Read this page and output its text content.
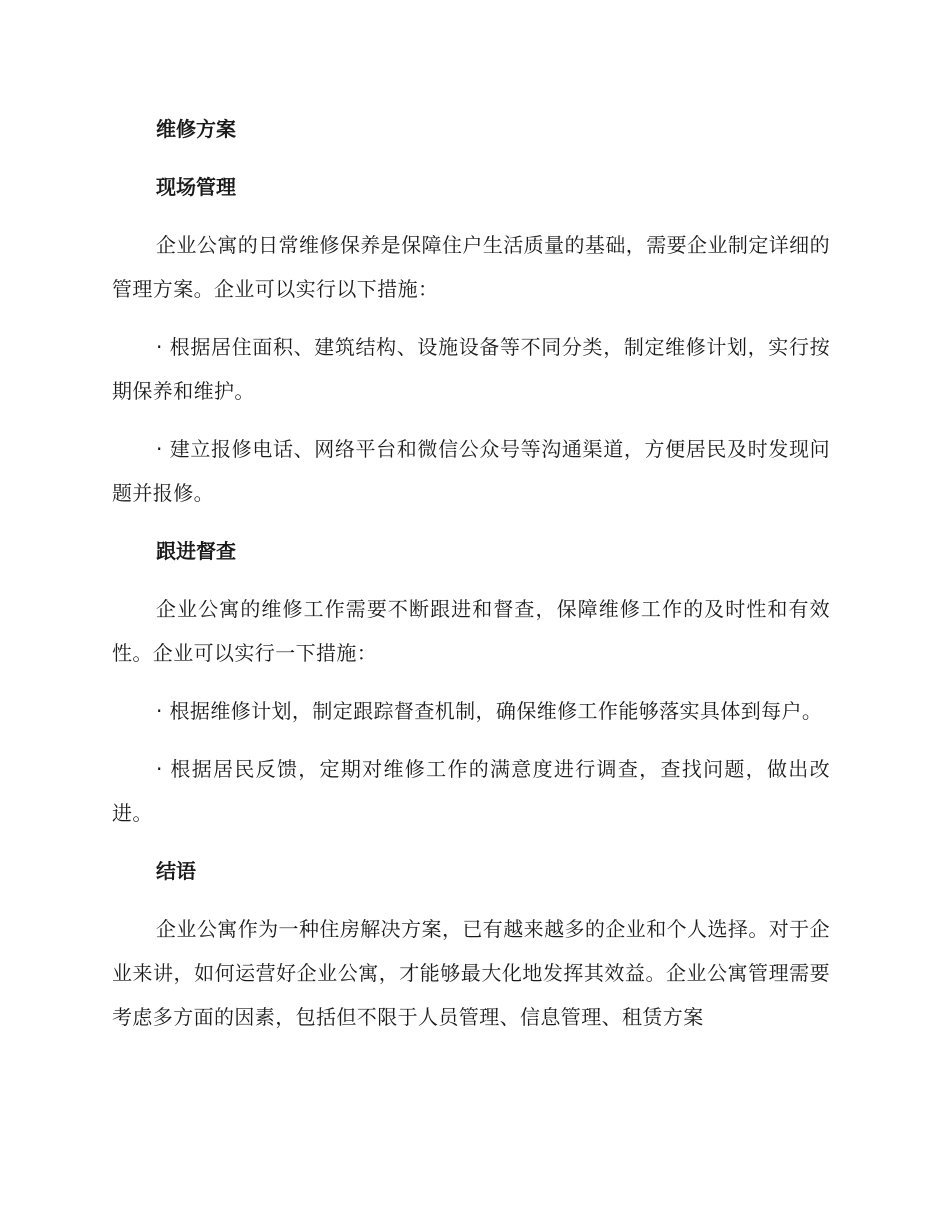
维修方案
现场管理
企业公寓的日常维修保养是保障住户生活质量的基础，需要企业制定详细的管理方案。企业可以实行以下措施：
· 根据居住面积、建筑结构、设施设备等不同分类，制定维修计划，实行按期保养和维护。
· 建立报修电话、网络平台和微信公众号等沟通渠道，方便居民及时发现问题并报修。
跟进督查
企业公寓的维修工作需要不断跟进和督查，保障维修工作的及时性和有效性。企业可以实行一下措施：
· 根据维修计划，制定跟踪督查机制，确保维修工作能够落实具体到每户。
· 根据居民反馈，定期对维修工作的满意度进行调查，查找问题，做出改进。
结语
企业公寓作为一种住房解决方案，已有越来越多的企业和个人选择。对于企业来讲，如何运营好企业公寓，才能够最大化地发挥其效益。企业公寓管理需要考虑多方面的因素，包括但不限于人员管理、信息管理、租赁方案
